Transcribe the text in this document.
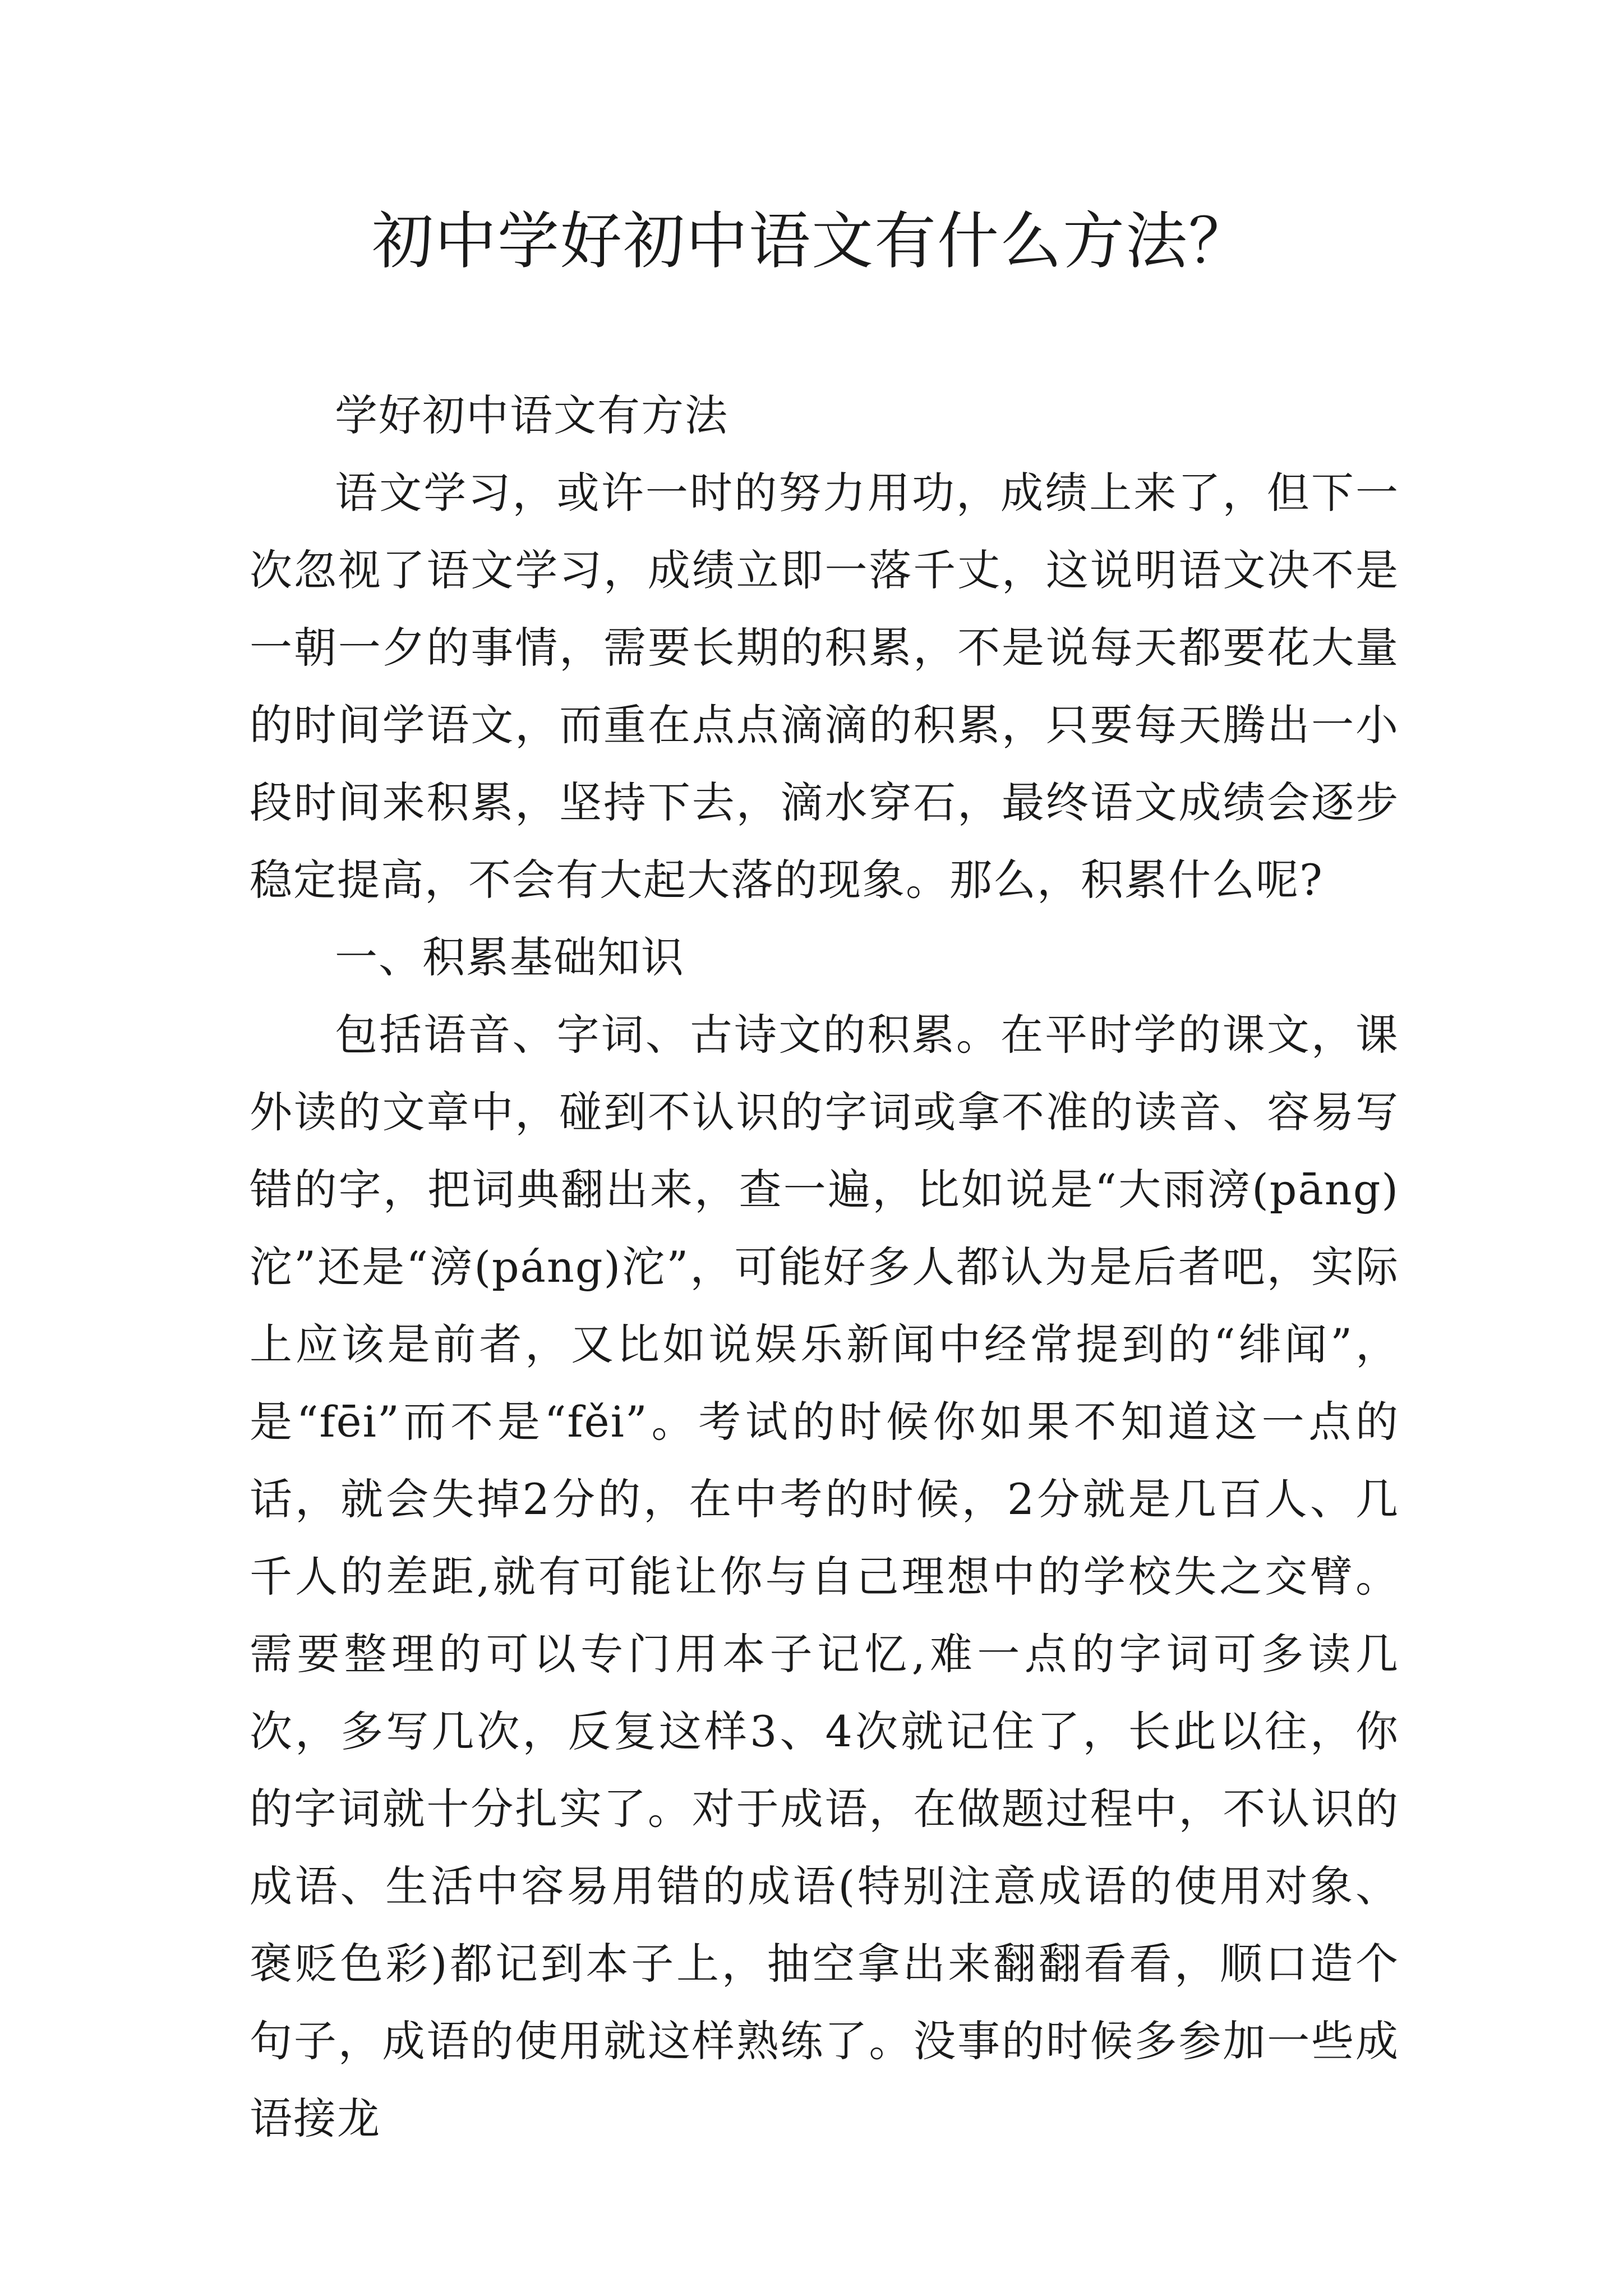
初中学好初中语文有什么方法？

学好初中语文有方法

语文学习，或许一时的努力用功，成绩上来了，但下一次忽视了语文学习，成绩立即一落千丈，这说明语文决不是一朝一夕的事情，需要长期的积累，不是说每天都要花大量的时间学语文，而重在点点滴滴的积累，只要每天腾出一小段时间来积累，坚持下去，滴水穿石，最终语文成绩会逐步稳定提高，不会有大起大落的现象。那么，积累什么呢?

一、积累基础知识

包括语音、字词、古诗文的积累。在平时学的课文，课外读的文章中，碰到不认识的字词或拿不准的读音、容易写错的字，把词典翻出来，查一遍，比如说是“大雨滂(pāng)沱”还是“滂(páng)沱”，可能好多人都认为是后者吧，实际上应该是前者，又比如说娱乐新闻中经常提到的“绯闻”，是“fēi”而不是“fěi”。考试的时候你如果不知道这一点的话，就会失掉2分的，在中考的时候，2分就是几百人、几千人的差距,就有可能让你与自己理想中的学校失之交臂。需要整理的可以专门用本子记忆,难一点的字词可多读几次，多写几次，反复这样3、4次就记住了，长此以往，你的字词就十分扎实了。对于成语，在做题过程中，不认识的成语、生活中容易用错的成语(特别注意成语的使用对象、褒贬色彩)都记到本子上，抽空拿出来翻翻看看，顺口造个句子，成语的使用就这样熟练了。没事的时候多参加一些成语接龙
